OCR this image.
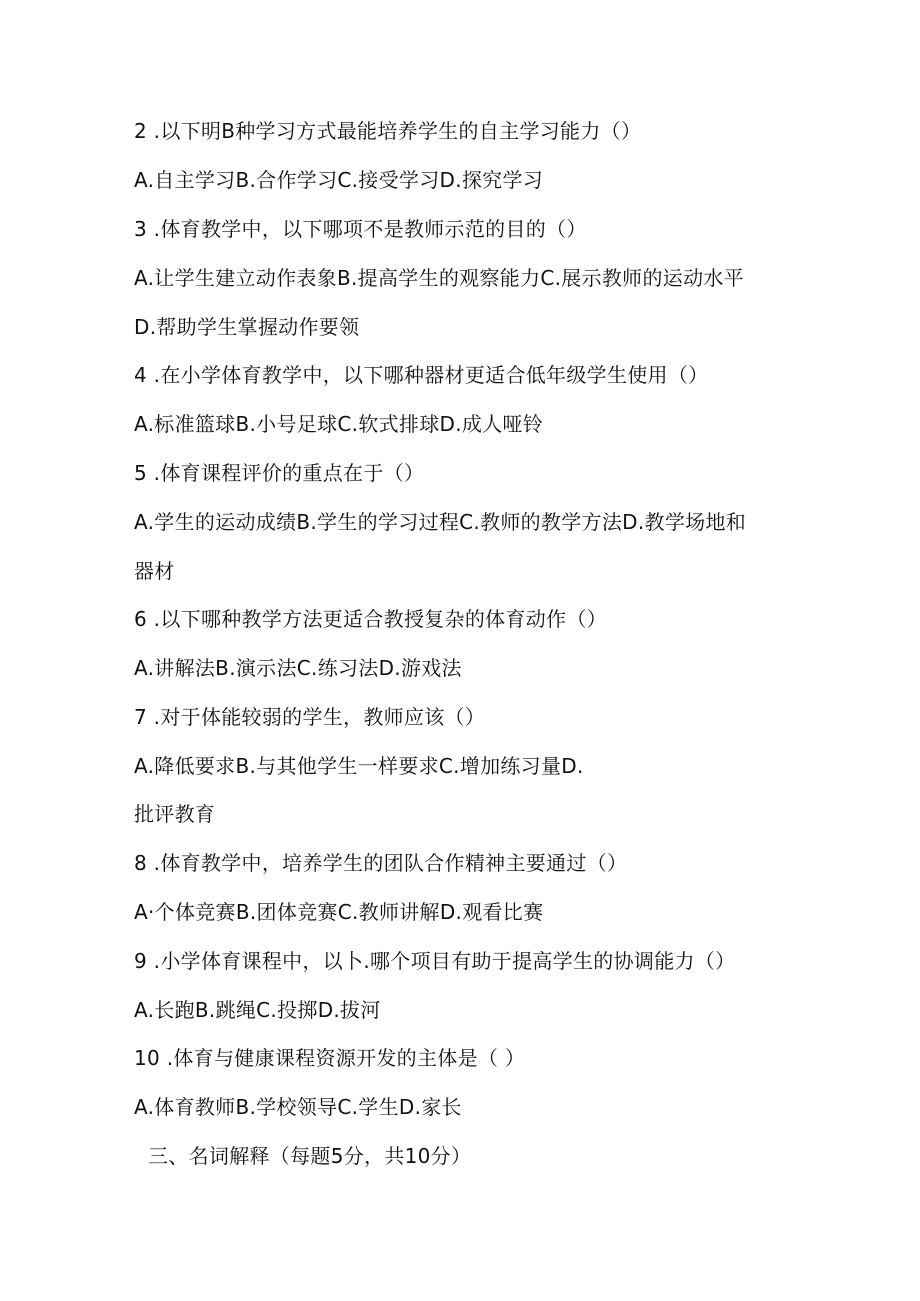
2 .以下明B种学习方式最能培养学生的自主学习能力（）
A.自主学习B.合作学习C.接受学习D.探究学习
3 .体育教学中，以下哪项不是教师示范的目的（）
A.让学生建立动作表象B.提高学生的观察能力C.展示教师的运动水平
D.帮助学生掌握动作要领
4 .在小学体育教学中，以下哪种器材更适合低年级学生使用（）
A.标准篮球B.小号足球C.软式排球D.成人哑铃
5 .体育课程评价的重点在于（）
A.学生的运动成绩B.学生的学习过程C.教师的教学方法D.教学场地和
器材
6 .以下哪种教学方法更适合教授复杂的体育动作（）
A.讲解法B.演示法C.练习法D.游戏法
7 .对于体能较弱的学生，教师应该（）
A.降低要求B.与其他学生一样要求C.增加练习量D.
批评教育
8 .体育教学中，培养学生的团队合作精神主要通过（）
A·个体竞赛B.团体竞赛C.教师讲解D.观看比赛
9 .小学体育课程中，以卜.哪个项目有助于提高学生的协调能力（）
A.长跑B.跳绳C.投掷D.拔河
10 .体育与健康课程资源开发的主体是（ ）
A.体育教师B.学校领导C.学生D.家长
三、名词解释（每题5分，共10分）
